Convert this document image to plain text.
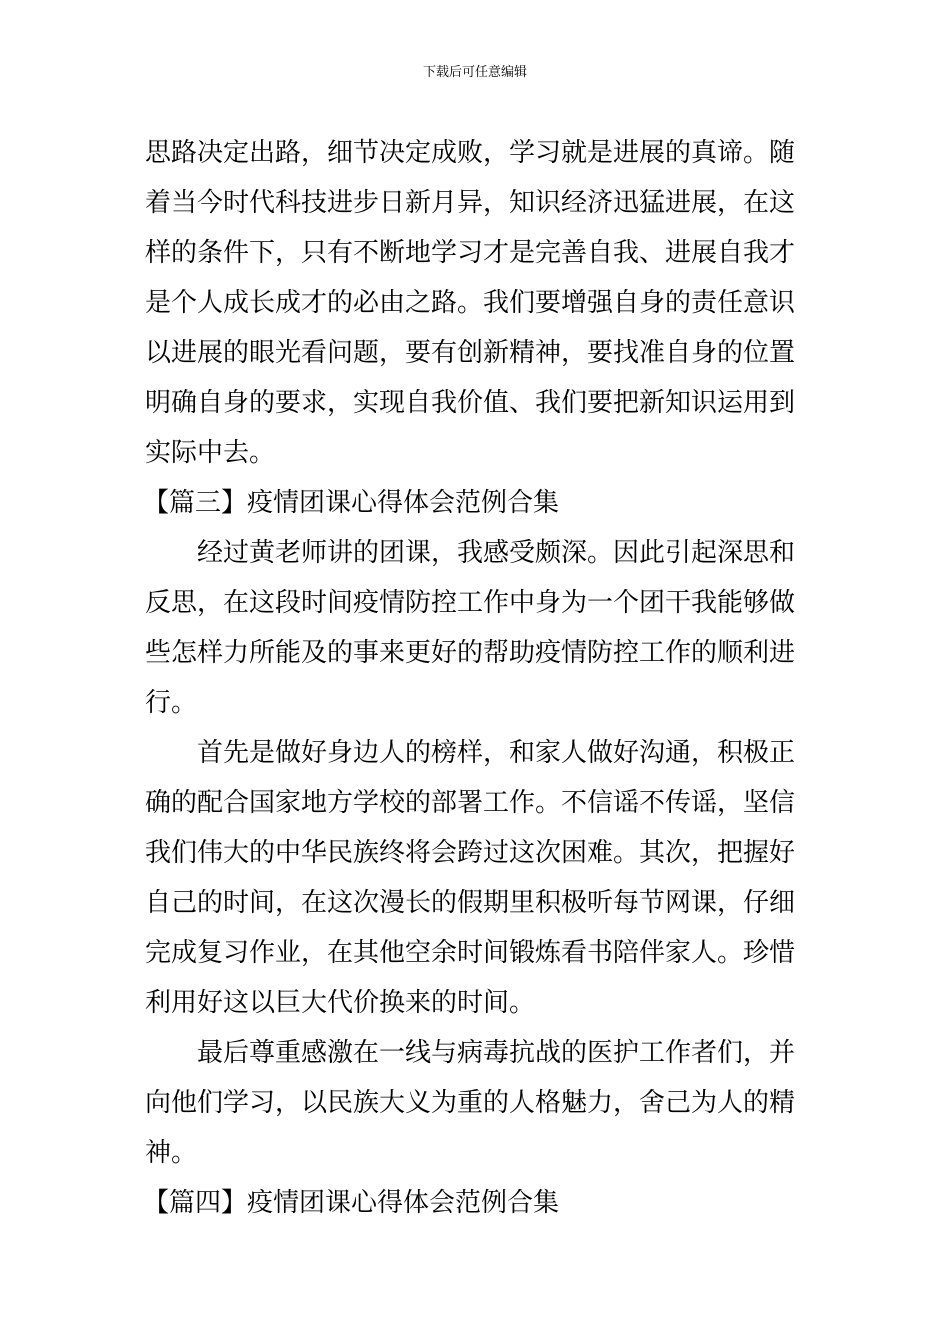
下载后可任意编辑
思路决定出路，细节决定成败，学习就是进展的真谛。随
着当今时代科技进步日新月异，知识经济迅猛进展，在这
样的条件下，只有不断地学习才是完善自我、进展自我才
是个人成长成才的必由之路。我们要增强自身的责任意识
以进展的眼光看问题，要有创新精神，要找准自身的位置
明确自身的要求，实现自我价值、我们要把新知识运用到
实际中去。
【篇三】疫情团课心得体会范例合集
经过黄老师讲的团课，我感受颇深。因此引起深思和
反思，在这段时间疫情防控工作中身为一个团干我能够做
些怎样力所能及的事来更好的帮助疫情防控工作的顺利进
行。
首先是做好身边人的榜样，和家人做好沟通，积极正
确的配合国家地方学校的部署工作。不信谣不传谣，坚信
我们伟大的中华民族终将会跨过这次困难。其次，把握好
自己的时间，在这次漫长的假期里积极听每节网课，仔细
完成复习作业，在其他空余时间锻炼看书陪伴家人。珍惜
利用好这以巨大代价换来的时间。
最后尊重感激在一线与病毒抗战的医护工作者们，并
向他们学习，以民族大义为重的人格魅力，舍己为人的精
神。
【篇四】疫情团课心得体会范例合集
